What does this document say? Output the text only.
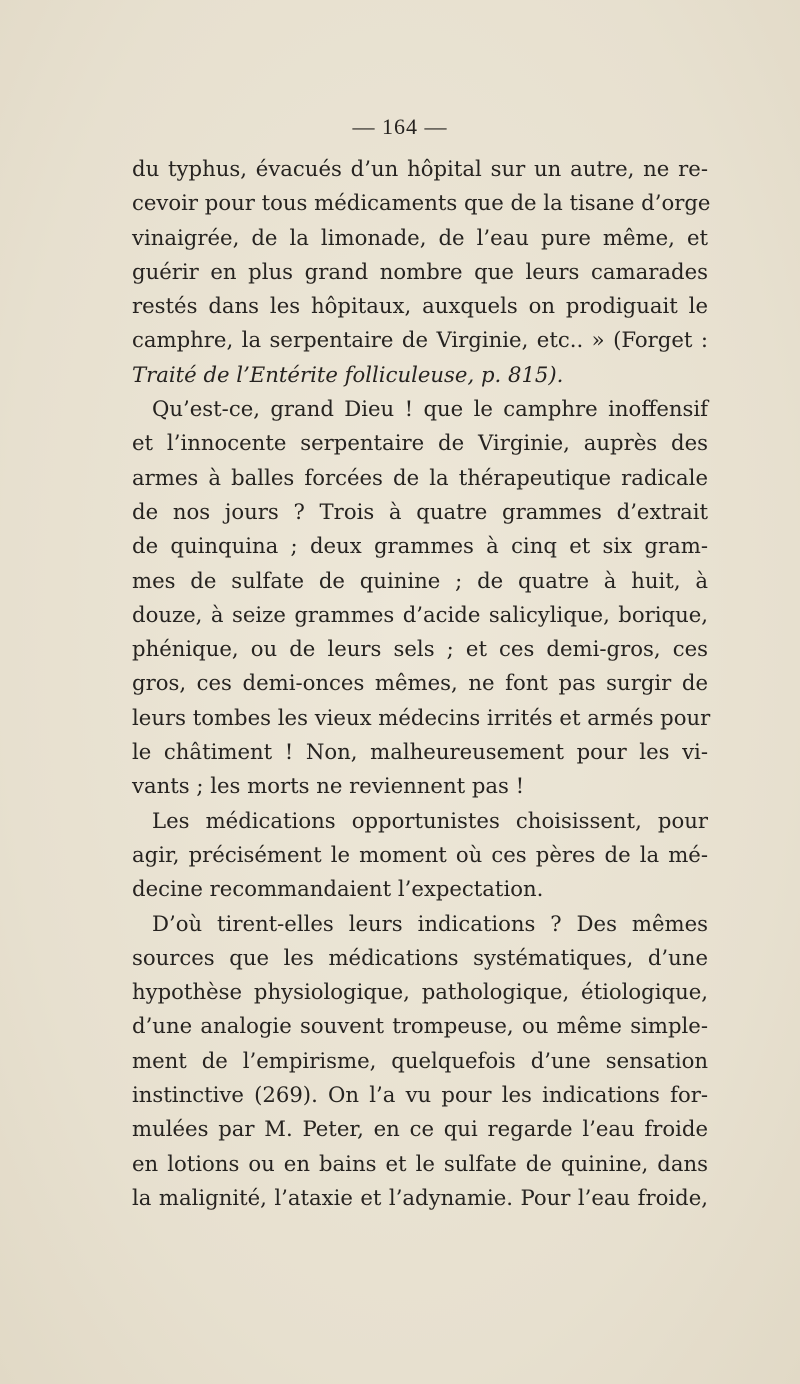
— 164 —
du typhus, évacués d’un hôpital sur un autre, ne re-
cevoir pour tous médicaments que de la tisane d’orge
vinaigrée, de la limonade, de l’eau pure même, et
guérir en plus grand nombre que leurs camarades
restés dans les hôpitaux, auxquels on prodiguait le
camphre, la serpentaire de Virginie, etc.. » (Forget :
Traité de l’Entérite folliculeuse, p. 815).
Qu’est-ce, grand Dieu ! que le camphre inoffensif
et l’innocente serpentaire de Virginie, auprès des
armes à balles forcées de la thérapeutique radicale
de nos jours ? Trois à quatre grammes d’extrait
de quinquina ; deux grammes à cinq et six gram-
mes de sulfate de quinine ; de quatre à huit, à
douze, à seize grammes d’acide salicylique, borique,
phénique, ou de leurs sels ; et ces demi-gros, ces
gros, ces demi-onces mêmes, ne font pas surgir de
leurs tombes les vieux médecins irrités et armés pour
le châtiment ! Non, malheureusement pour les vi-
vants ; les morts ne reviennent pas !
Les médications opportunistes choisissent, pour
agir, précisément le moment où ces pères de la mé-
decine recommandaient l’expectation.
D’où tirent-elles leurs indications ? Des mêmes
sources que les médications systématiques, d’une
hypothèse physiologique, pathologique, étiologique,
d’une analogie souvent trompeuse, ou même simple-
ment de l’empirisme, quelquefois d’une sensation
instinctive (269). On l’a vu pour les indications for-
mulées par M. Peter, en ce qui regarde l’eau froide
en lotions ou en bains et le sulfate de quinine, dans
la malignité, l’ataxie et l’adynamie. Pour l’eau froide,
